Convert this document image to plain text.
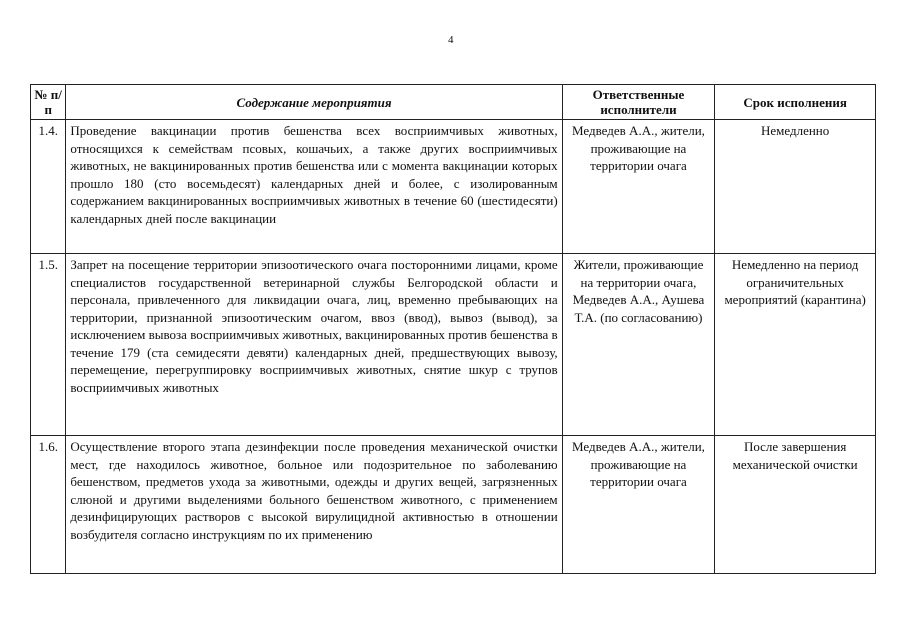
4
№ п/п	Содержание мероприятия	Ответственные исполнители	Срок исполнения
1.4.	Проведение вакцинации против бешенства всех восприимчивых животных, относящихся к семействам псовых, кошачьих, а также других восприимчивых животных, не вакцинированных против бешенства или с момента вакцинации которых прошло 180 (сто восемьдесят) календарных дней и более, с изолированным содержанием вакцинированных восприимчивых животных в течение 60 (шестидесяти) календарных дней после вакцинации	Медведев А.А., жители, проживающие на территории очага	Немедленно
1.5.	Запрет на посещение территории эпизоотического очага посторонними лицами, кроме специалистов государственной ветеринарной службы Белгородской области и персонала, привлеченного для ликвидации очага, лиц, временно пребывающих на территории, признанной эпизоотическим очагом, ввоз (ввод), вывоз (вывод), за исключением вывоза восприимчивых животных, вакцинированных против бешенства в течение 179 (ста семидесяти девяти) календарных дней, предшествующих вывозу, перемещение, перегруппировку восприимчивых животных, снятие шкур с трупов восприимчивых животных	Жители, проживающие на территории очага, Медведев А.А., Аушева Т.А. (по согласованию)	Немедленно на период ограничительных мероприятий (карантина)
1.6.	Осуществление второго этапа дезинфекции после проведения механической очистки мест, где находилось животное, больное или подозрительное по заболеванию бешенством, предметов ухода за животными, одежды и других вещей, загрязненных слюной и другими выделениями больного бешенством животного, с применением дезинфицирующих растворов с высокой вирулицидной активностью в отношении возбудителя согласно инструкциям по их применению	Медведев А.А., жители, проживающие на территории очага	После завершения механической очистки
